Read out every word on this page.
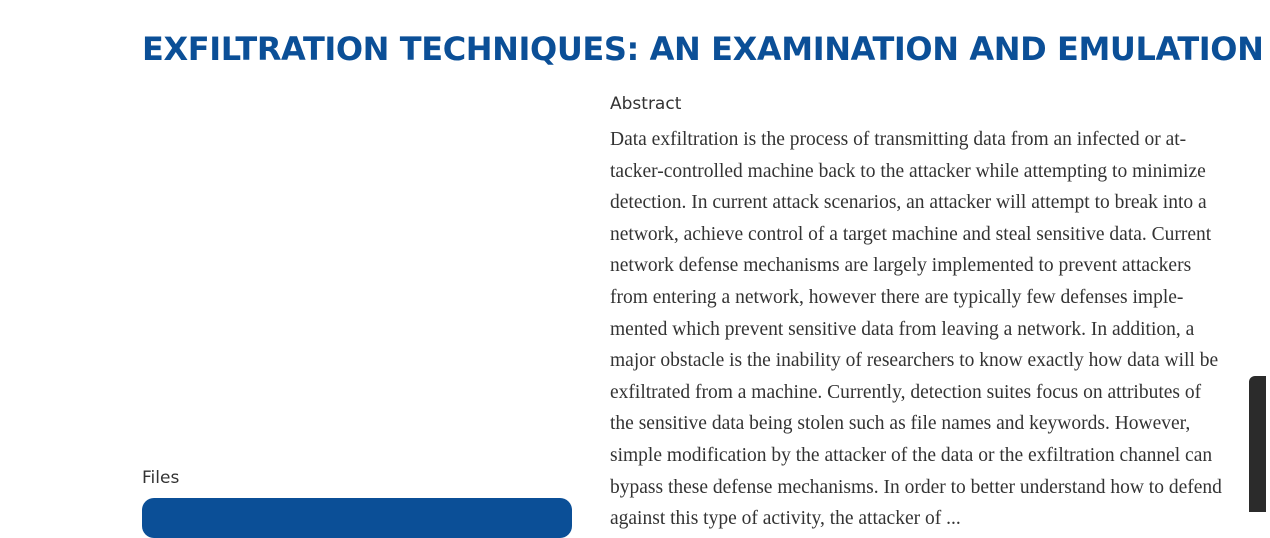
EXFILTRATION TECHNIQUES: AN EXAMINATION AND EMULATION
Abstract
Data exfiltration is the process of transmitting data from an infected or at-
tacker-controlled machine back to the attacker while attempting to minimize
detection. In current attack scenarios, an attacker will attempt to break into a
network, achieve control of a target machine and steal sensitive data. Current
network defense mechanisms are largely implemented to prevent attackers
from entering a network, however there are typically few defenses imple-
mented which prevent sensitive data from leaving a network. In addition, a
major obstacle is the inability of researchers to know exactly how data will be
exfiltrated from a machine. Currently, detection suites focus on attributes of
the sensitive data being stolen such as file names and keywords. However,
simple modification by the attacker of the data or the exfiltration channel can
bypass these defense mechanisms. In order to better understand how to defend
against this type of activity, the attacker of ...
Files
